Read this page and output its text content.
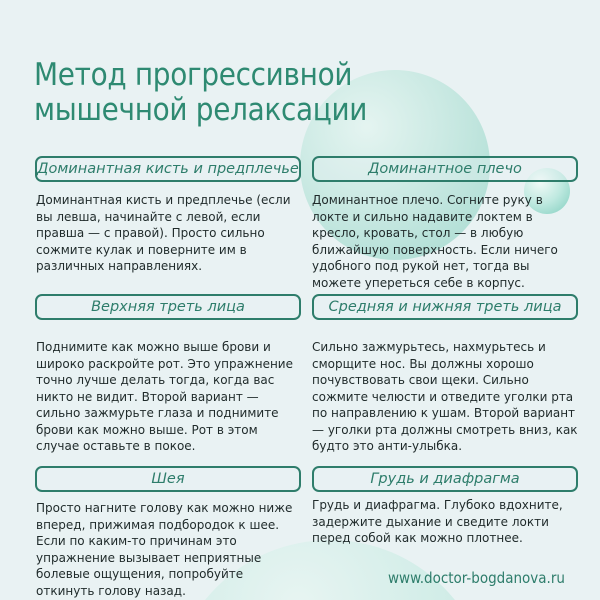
Метод прогрессивной
мышечной релаксации
Доминантная кисть и предплечье

Доминантная кисть и предплечье (если вы левша, начинайте с левой, если правша — с правой). Просто сильно сожмите кулак и поверните им в различных направлениях.

Доминантное плечо

Доминантное плечо. Согните руку в локте и сильно надавите локтем в кресло, кровать, стол — в любую ближайшую поверхность. Если ничего удобного под рукой нет, тогда вы можете упереться себе в корпус.

Верхняя треть лица

Поднимите как можно выше брови и широко раскройте рот. Это упражнение точно лучше делать тогда, когда вас никто не видит. Второй вариант — сильно зажмурьте глаза и поднимите брови как можно выше. Рот в этом случае оставьте в покое.

Средняя и нижняя треть лица

Сильно зажмурьтесь, нахмурьтесь и сморщите нос. Вы должны хорошо почувствовать свои щеки. Сильно сожмите челюсти и отведите уголки рта по направлению к ушам. Второй вариант — уголки рта должны смотреть вниз, как будто это анти-улыбка.

Шея

Просто нагните голову как можно ниже вперед, прижимая подбородок к шее. Если по каким-то причинам это упражнение вызывает неприятные болевые ощущения, попробуйте откинуть голову назад.

Грудь и диафрагма

Грудь и диафрагма. Глубоко вдохните, задержите дыхание и сведите локти перед собой как можно плотнее.

www.doctor-bogdanova.ru
